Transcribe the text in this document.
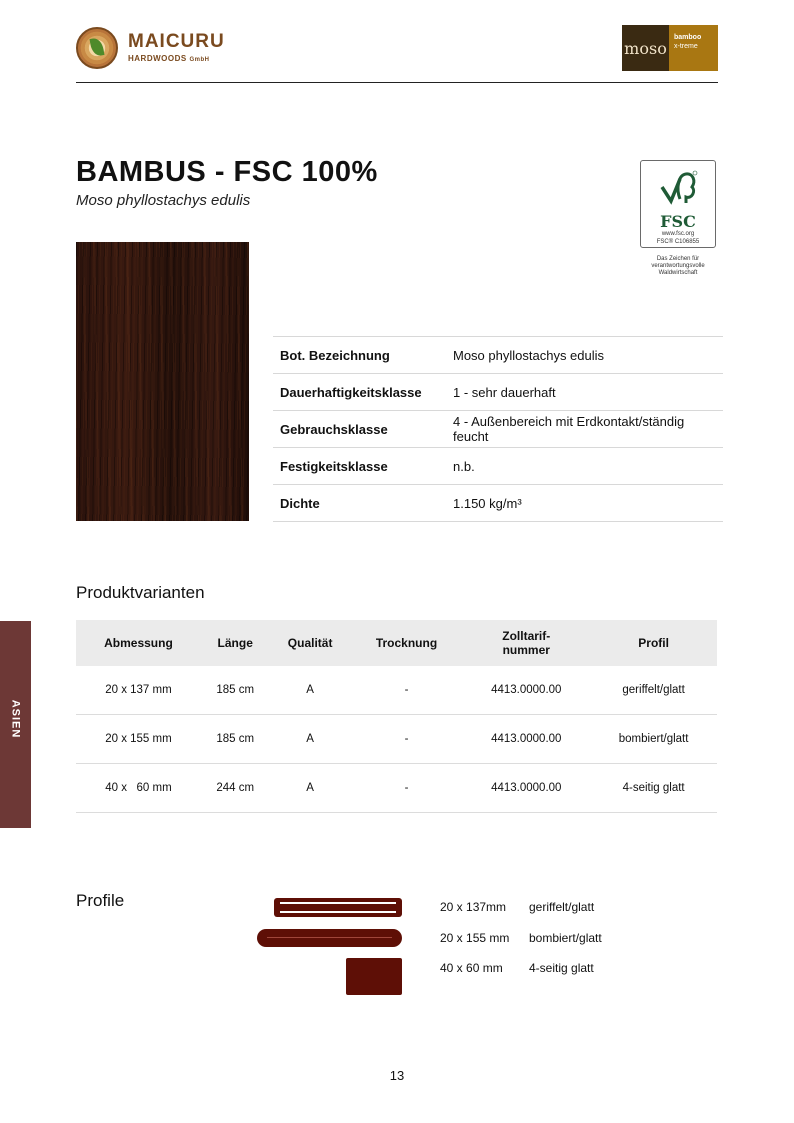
MAICURU
HARDWOODS GmbH
moso
bamboo
x-treme
BAMBUS - FSC 100%
Moso phyllostachys edulis
FSC
www.fsc.org
FSC® C106855
Das Zeichen für verantwortungsvolle Waldwirtschaft
Bot. Bezeichnung	Moso phyllostachys edulis
Dauerhaftigkeitsklasse	1 - sehr dauerhaft
Gebrauchsklasse	4 - Außenbereich mit Erdkontakt/ständig feucht
Festigkeitsklasse	n.b.
Dichte	1.150 kg/m³
Produktvarianten
Abmessung	Länge	Qualität	Trocknung	Zolltarif-
nummer	Profil
20 x 137 mm	185 cm	A	-	4413.0000.00	geriffelt/glatt
20 x 155 mm	185 cm	A	-	4413.0000.00	bombiert/glatt
40 x   60 mm	244 cm	A	-	4413.0000.00	4-seitig glatt
ASIEN
Profile	20 x 137mm	geriffelt/glatt
20 x 155 mm	bombiert/glatt
40 x 60 mm	4-seitig glatt
13
